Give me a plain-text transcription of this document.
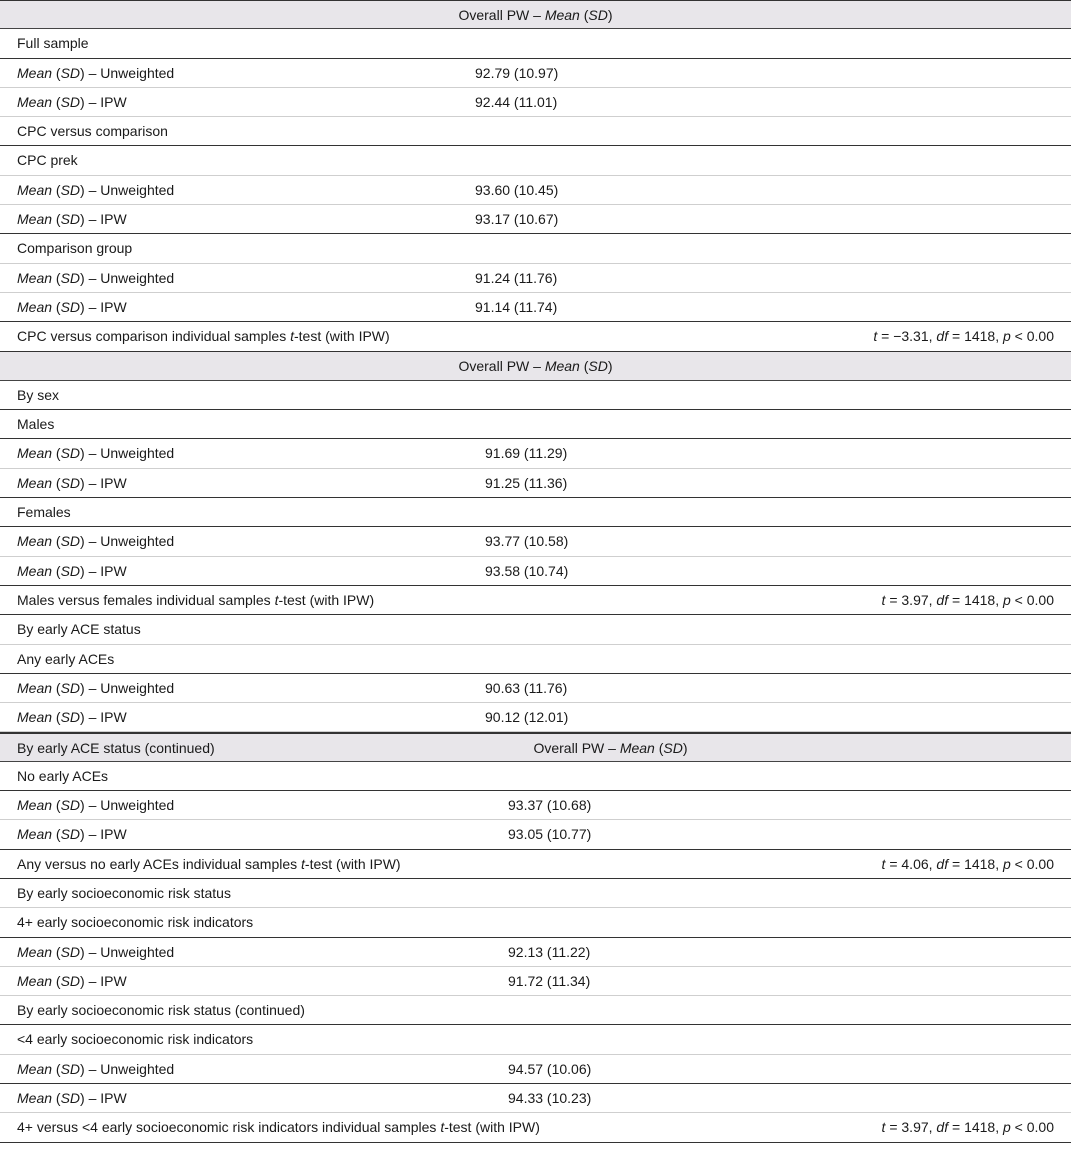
Overall PW – Mean (SD)
Full sample
Mean (SD) – Unweighted	92.79 (10.97)
Mean (SD) – IPW	92.44 (11.01)
CPC versus comparison
CPC prek
Mean (SD) – Unweighted	93.60 (10.45)
Mean (SD) – IPW	93.17 (10.67)
Comparison group
Mean (SD) – Unweighted	91.24 (11.76)
Mean (SD) – IPW	91.14 (11.74)
CPC versus comparison individual samples t-test (with IPW)	t = −3.31, df = 1418, p < 0.00
Overall PW – Mean (SD)
By sex
Males
Mean (SD) – Unweighted	91.69 (11.29)
Mean (SD) – IPW	91.25 (11.36)
Females
Mean (SD) – Unweighted	93.77 (10.58)
Mean (SD) – IPW	93.58 (10.74)
Males versus females individual samples t-test (with IPW)	t = 3.97, df = 1418, p < 0.00
By early ACE status
Any early ACEs
Mean (SD) – Unweighted	90.63 (11.76)
Mean (SD) – IPW	90.12 (12.01)
By early ACE status (continued)	Overall PW – Mean (SD)
No early ACEs
Mean (SD) – Unweighted	93.37 (10.68)
Mean (SD) – IPW	93.05 (10.77)
Any versus no early ACEs individual samples t-test (with IPW)	t = 4.06, df = 1418, p < 0.00
By early socioeconomic risk status
4+ early socioeconomic risk indicators
Mean (SD) – Unweighted	92.13 (11.22)
Mean (SD) – IPW	91.72 (11.34)
By early socioeconomic risk status (continued)
<4 early socioeconomic risk indicators
Mean (SD) – Unweighted	94.57 (10.06)
Mean (SD) – IPW	94.33 (10.23)
4+ versus <4 early socioeconomic risk indicators individual samples t-test (with IPW)	t = 3.97, df = 1418, p < 0.00
